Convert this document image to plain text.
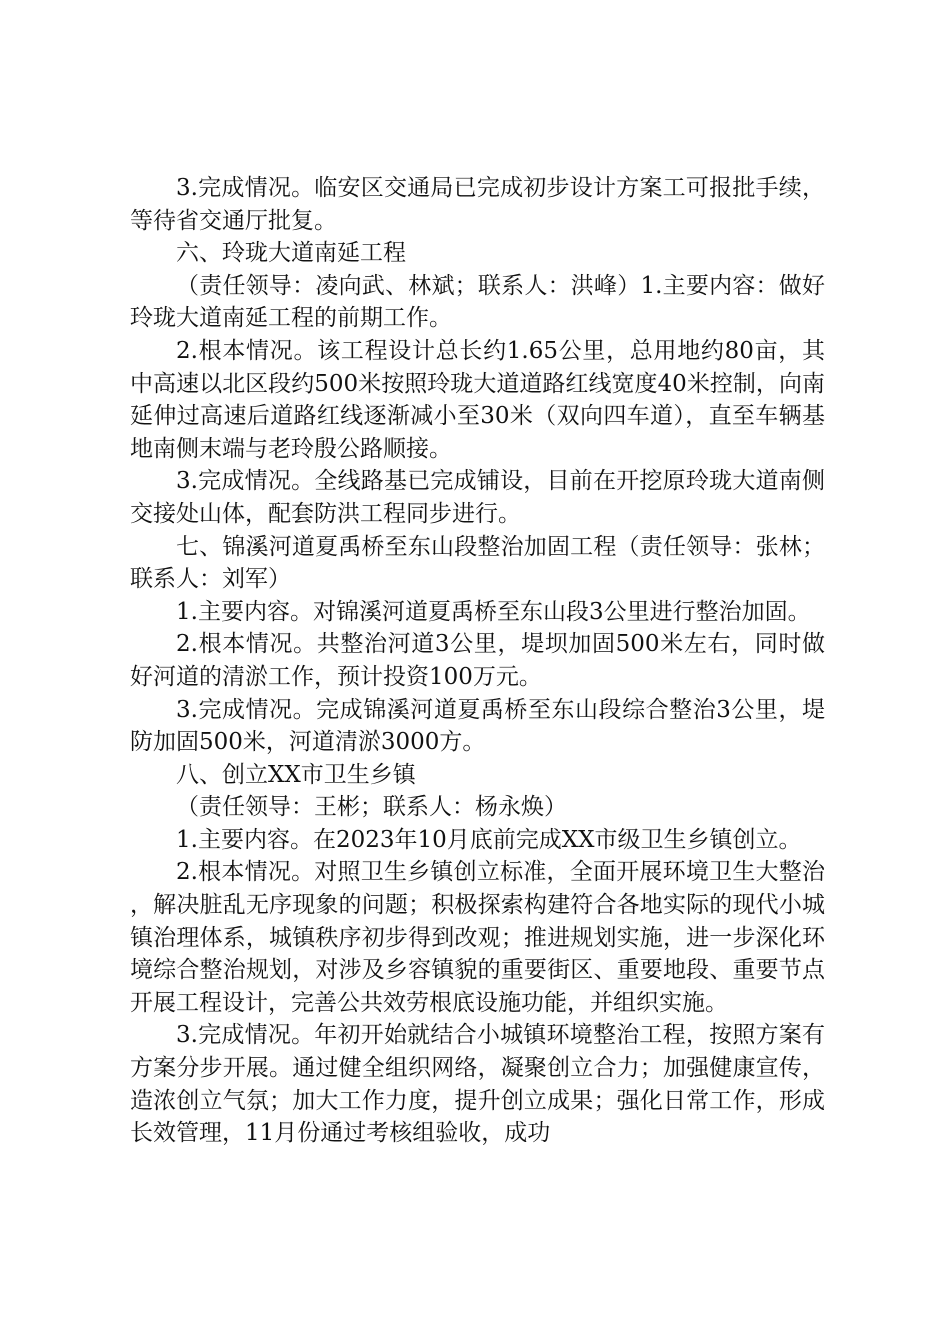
3.完成情况。临安区交通局已完成初步设计方案工可报批手续，等待省交通厅批复。

六、玲珑大道南延工程

（责任领导：凌向武、林斌；联系人：洪峰）1.主要内容：做好玲珑大道南延工程的前期工作。

2.根本情况。该工程设计总长约1.65公里，总用地约80亩，其中高速以北区段约500米按照玲珑大道道路红线宽度40米控制，向南延伸过高速后道路红线逐渐减小至30米（双向四车道），直至车辆基地南侧末端与老玲殷公路顺接。

3.完成情况。全线路基已完成铺设，目前在开挖原玲珑大道南侧交接处山体，配套防洪工程同步进行。

七、锦溪河道夏禹桥至东山段整治加固工程（责任领导：张林；联系人：刘军）

1.主要内容。对锦溪河道夏禹桥至东山段3公里进行整治加固。

2.根本情况。共整治河道3公里，堤坝加固500米左右，同时做好河道的清淤工作，预计投资100万元。

3.完成情况。完成锦溪河道夏禹桥至东山段综合整治3公里，堤防加固500米，河道清淤3000方。

八、创立XX市卫生乡镇

（责任领导：王彬；联系人：杨永焕）

1.主要内容。在2023年10月底前完成XX市级卫生乡镇创立。

2.根本情况。对照卫生乡镇创立标准，全面开展环境卫生大整治，解决脏乱无序现象的问题；积极探索构建符合各地实际的现代小城镇治理体系，城镇秩序初步得到改观；推进规划实施，进一步深化环境综合整治规划，对涉及乡容镇貌的重要街区、重要地段、重要节点开展工程设计，完善公共效劳根底设施功能，并组织实施。

3.完成情况。年初开始就结合小城镇环境整治工程，按照方案有方案分步开展。通过健全组织网络，凝聚创立合力；加强健康宣传，造浓创立气氛；加大工作力度，提升创立成果；强化日常工作，形成长效管理，11月份通过考核组验收，成功
